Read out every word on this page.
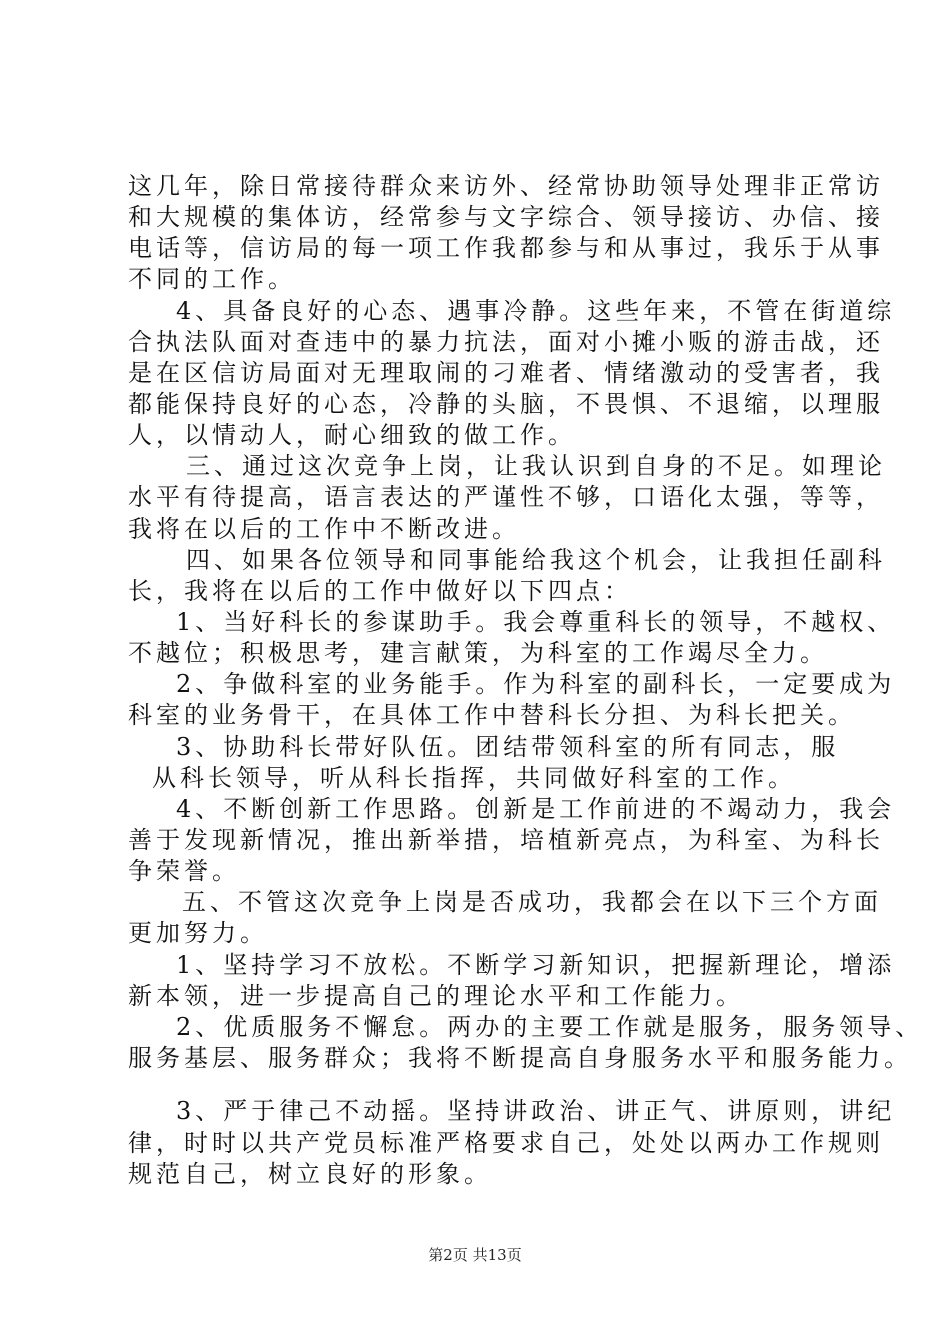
这几年，除日常接待群众来访外、经常协助领导处理非正常访
和大规模的集体访，经常参与文字综合、领导接访、办信、接
电话等，信访局的每一项工作我都参与和从事过，我乐于从事
不同的工作。
4、具备良好的心态、遇事冷静。这些年来，不管在街道综
合执法队面对查违中的暴力抗法，面对小摊小贩的游击战，还
是在区信访局面对无理取闹的刁难者、情绪激动的受害者，我
都能保持良好的心态，冷静的头脑，不畏惧、不退缩，以理服
人，以情动人，耐心细致的做工作。
三、通过这次竞争上岗，让我认识到自身的不足。如理论
水平有待提高，语言表达的严谨性不够，口语化太强，等等，
我将在以后的工作中不断改进。
四、如果各位领导和同事能给我这个机会，让我担任副科
长，我将在以后的工作中做好以下四点：
1、当好科长的参谋助手。我会尊重科长的领导，不越权、
不越位；积极思考，建言献策，为科室的工作竭尽全力。
2、争做科室的业务能手。作为科室的副科长，一定要成为
科室的业务骨干，在具体工作中替科长分担、为科长把关。
3、协助科长带好队伍。团结带领科室的所有同志，服
从科长领导，听从科长指挥，共同做好科室的工作。
4、不断创新工作思路。创新是工作前进的不竭动力，我会
善于发现新情况，推出新举措，培植新亮点，为科室、为科长
争荣誉。
五、不管这次竞争上岗是否成功，我都会在以下三个方面
更加努力。
1、坚持学习不放松。不断学习新知识，把握新理论，增添
新本领，进一步提高自己的理论水平和工作能力。
2、优质服务不懈怠。两办的主要工作就是服务，服务领导、
服务基层、服务群众；我将不断提高自身服务水平和服务能力。
3、严于律己不动摇。坚持讲政治、讲正气、讲原则，讲纪
律，时时以共产党员标准严格要求自己，处处以两办工作规则
规范自己，树立良好的形象。
第2页 共13页
